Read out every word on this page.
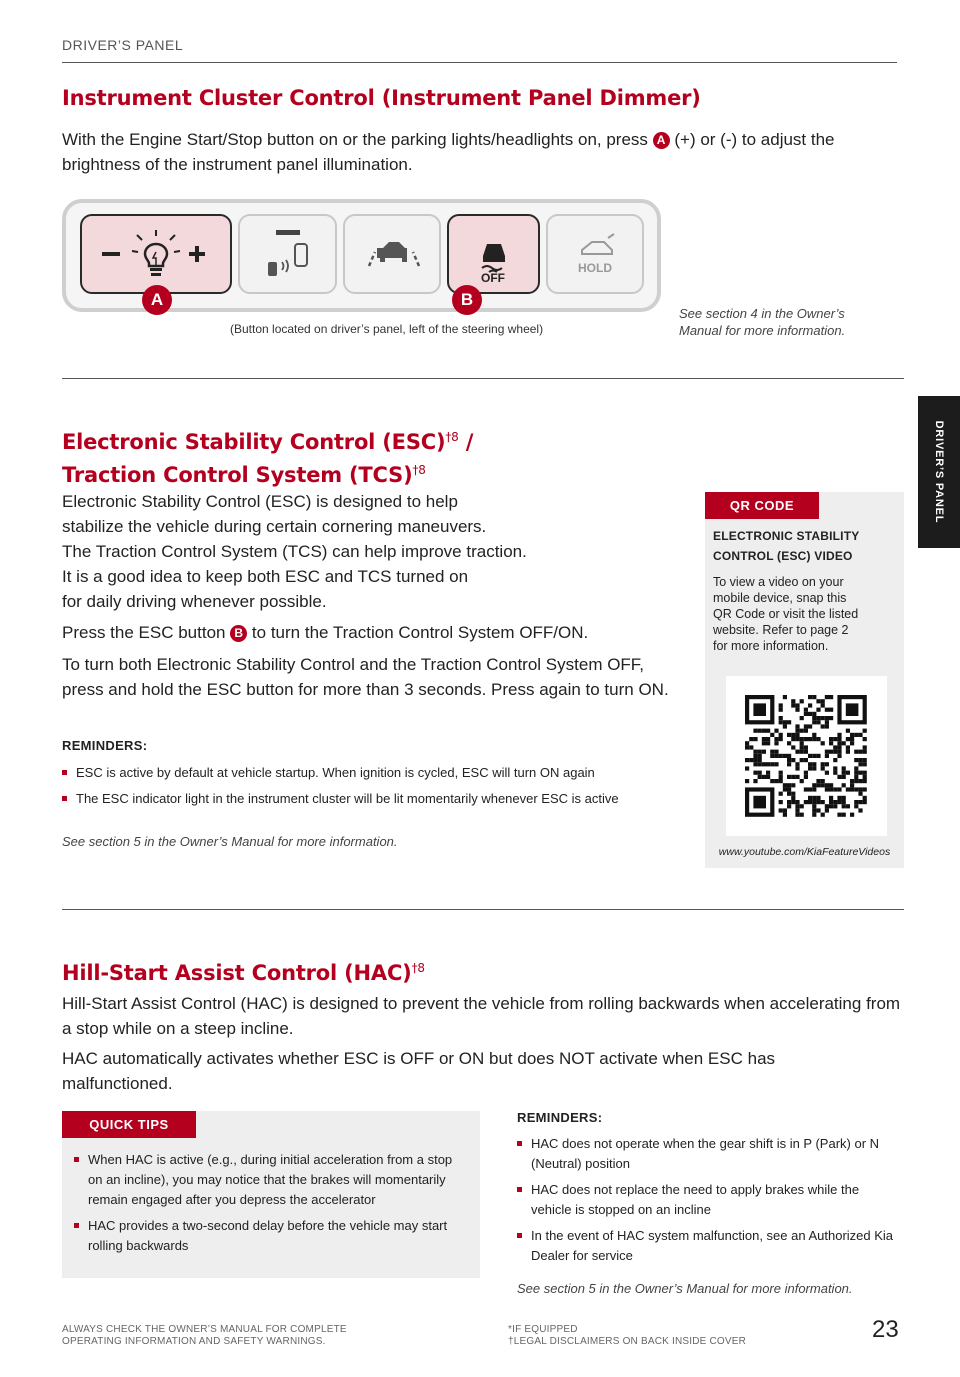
DRIVER’S PANEL
DRIVER’S PANEL
Instrument Cluster Control (Instrument Panel Dimmer)
With the Engine Start/Stop button on or the parking lights/headlights on, press A (+) or (-) to adjust the brightness of the instrument panel illumination.
OFF
HOLD
A	B
(Button located on driver’s panel, left of the steering wheel)
See section 4 in the Owner’s
Manual for more information.
Electronic Stability Control (ESC)$^{\dagger 8}$ /
Traction Control System (TCS)$^{\dagger 8}$
Electronic Stability Control (ESC) is designed to help
stabilize the vehicle during certain cornering maneuvers.
The Traction Control System (TCS) can help improve traction.
It is a good idea to keep both ESC and TCS turned on
for daily driving whenever possible.
Press the ESC button B to turn the Traction Control System OFF/ON.
To turn both Electronic Stability Control and the Traction Control System OFF,
press and hold the ESC button for more than 3 seconds. Press again to turn ON.
REMINDERS:
ESC is active by default at vehicle startup. When ignition is cycled, ESC will turn ON again
The ESC indicator light in the instrument cluster will be lit momentarily whenever ESC is active
See section 5 in the Owner’s Manual for more information.
QR CODE
ELECTRONIC STABILITY
CONTROL (ESC) VIDEO
To view a video on your
mobile device, snap this
QR Code or visit the listed
website. Refer to page 2
for more information.
www.youtube.com/KiaFeatureVideos
Hill-Start Assist Control (HAC)$^{\dagger 8}$
Hill-Start Assist Control (HAC) is designed to prevent the vehicle from rolling backwards when accelerating from
a stop while on a steep incline.
HAC automatically activates whether ESC is OFF or ON but does NOT activate when ESC has
malfunctioned.
QUICK TIPS
When HAC is active (e.g., during initial acceleration from a stop on an incline), you may notice that the brakes will momentarily remain engaged after you depress the accelerator
HAC provides a two-second delay before the vehicle may start rolling backwards
REMINDERS:
HAC does not operate when the gear shift is in P (Park) or N (Neutral) position
HAC does not replace the need to apply brakes while the vehicle is stopped on an incline
In the event of HAC system malfunction, see an Authorized Kia Dealer for service
See section 5 in the Owner’s Manual for more information.
ALWAYS CHECK THE OWNER’S MANUAL FOR COMPLETE
OPERATING INFORMATION AND SAFETY WARNINGS.
*IF EQUIPPED
†LEGAL DISCLAIMERS ON BACK INSIDE COVER	23
